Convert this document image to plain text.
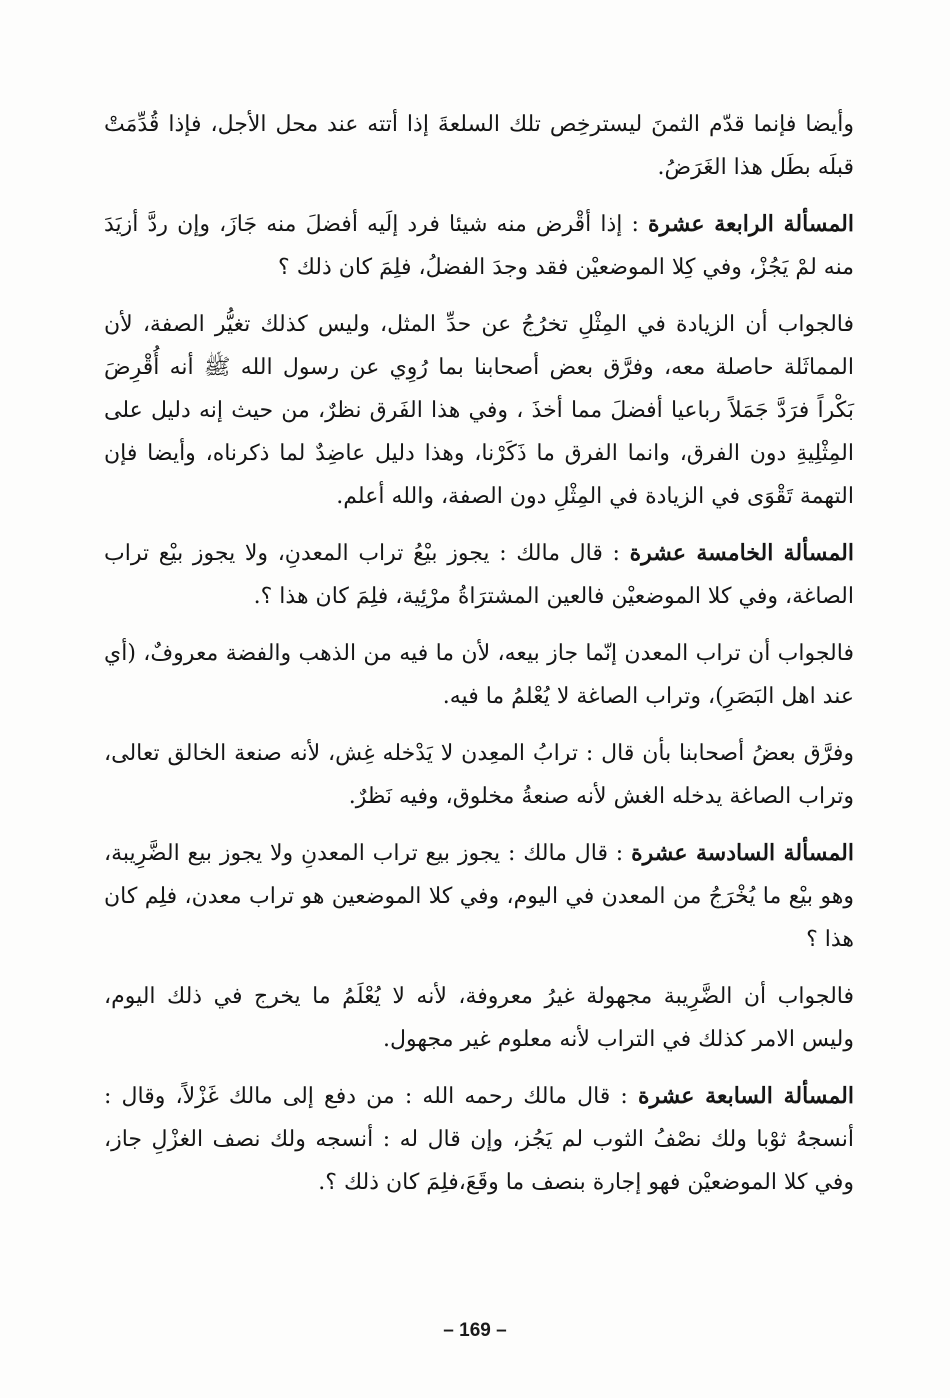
وأيضا فإنما قدّم الثمنَ ليسترخِص تلك السلعةَ إذا أتته عند محل الأجل، فإذا قُدِّمَتْ قبلَه بطَل هذا الغَرَضُ.

المسألة الرابعة عشرة : إذا أقْرض منه شيئا فرد إلَيه أفضلَ منه جَازَ، وإن ردَّ أزيَدَ منه لمْ يَجُزْ، وفي كِلا الموضعيْن فقد وجدَ الفضلُ، فلِمَ كان ذلك ؟

فالجواب أن الزيادة في المِثْلِ تخرُجُ عن حدِّ المثل، وليس كذلك تغيُّر الصفة، لأن المماثَلة حاصلة معه، وفرَّق بعض أصحابنا بما رُوِي عن رسول الله ﷺ أنه أُقْرِضَ بَكْراً فرَدَّ جَمَلاً رباعيا أفضلَ مما أخذَ ، وفي هذا الفَرق نظرٌ، من حيث إنه دليل على المِثْلِيةِ دون الفرق، وانما الفرق ما ذَكَرْنا، وهذا دليل عاضِدٌ لما ذكرناه، وأيضا فإن التهمة تَقْوَى في الزيادة في المِثْلِ دون الصفة، والله أعلم.

المسألة الخامسة عشرة : قال مالك : يجوز بيْعُ تراب المعدنِ، ولا يجوز بيْع تراب الصاغة، وفي كلا الموضعيْن فالعين المشترَاةُ مرْئِية، فلِمَ كان هذا ؟.

فالجواب أن تراب المعدن إنّما جاز بيعه، لأن ما فيه من الذهب والفضة معروفٌ، (أي عند اهل البَصَرِ)، وتراب الصاغة لا يُعْلمُ ما فيه.

وفرَّق بعضُ أصحابنا بأن قال : ترابُ المعِدن لا يَدْخله غِش، لأنه صنعة الخالق تعالى، وتراب الصاغة يدخله الغش لأنه صنعةُ مخلوق، وفيه نَظرٌ.

المسألة السادسة عشرة : قال مالك : يجوز بيع تراب المعدنِ ولا يجوز بيع الضَّرِيبة، وهو بيْع ما يُخْرَجُ من المعدن في اليوم، وفي كلا الموضعين هو تراب معدن، فلِم كان هذا ؟

فالجواب أن الضَّرِيبة مجهولة غيرُ معروفة، لأنه لا يُعْلَمُ ما يخرج في ذلك اليوم، وليس الامر كذلك في التراب لأنه معلوم غير مجهول.

المسألة السابعة عشرة : قال مالك رحمه الله : من دفع إلى مالك غَزْلاً، وقال : أنسجهُ ثوْبا ولك نصْفُ الثوب لم يَجُز، وإن قال له : أنسجه ولك نصف الغزْلِ جاز، وفي كلا الموضعيْن فهو إجارة بنصف ما وقَعَ،فلِمَ كان ذلك ؟.

– 169 –
